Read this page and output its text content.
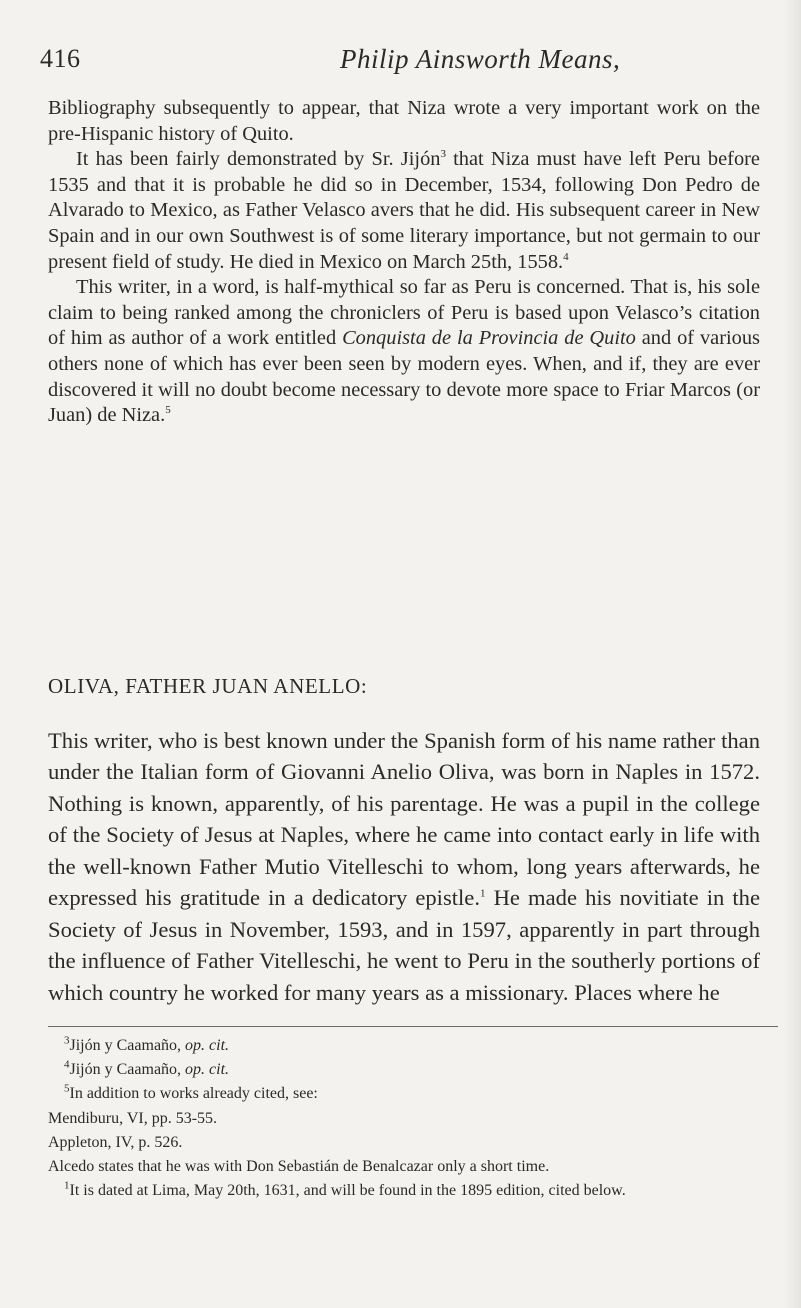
416	Philip Ainsworth Means,

Bibliography subsequently to appear, that Niza wrote a very important work on the pre-Hispanic history of Quito.

It has been fairly demonstrated by Sr. Jijón$^3$ that Niza must have left Peru before 1535 and that it is probable he did so in December, 1534, following Don Pedro de Alvarado to Mexico, as Father Velasco avers that he did. His subsequent career in New Spain and in our own Southwest is of some literary importance, but not germain to our present field of study. He died in Mexico on March 25th, 1558.$^4$

This writer, in a word, is half-mythical so far as Peru is concerned. That is, his sole claim to being ranked among the chroniclers of Peru is based upon Velasco’s citation of him as author of a work entitled Conquista de la Provincia de Quito and of various others none of which has ever been seen by modern eyes. When, and if, they are ever discovered it will no doubt become necessary to devote more space to Friar Marcos (or Juan) de Niza.$^5$

OLIVA, FATHER JUAN ANELLO:

This writer, who is best known under the Spanish form of his name rather than under the Italian form of Giovanni Anelio Oliva, was born in Naples in 1572. Nothing is known, apparently, of his parentage. He was a pupil in the college of the Society of Jesus at Naples, where he came into contact early in life with the well-known Father Mutio Vitelleschi to whom, long years afterwards, he expressed his gratitude in a dedicatory epistle.$^1$ He made his novitiate in the Society of Jesus in November, 1593, and in 1597, apparently in part through the influence of Father Vitelleschi, he went to Peru in the southerly portions of which country he worked for many years as a missionary. Places where he

$^3$Jijón y Caamaño, op. cit.

$^4$Jijón y Caamaño, op. cit.

$^5$In addition to works already cited, see:

Mendiburu, VI, pp. 53-55.

Appleton, IV, p. 526.

Alcedo states that he was with Don Sebastián de Benalcazar only a short time.

$^1$It is dated at Lima, May 20th, 1631, and will be found in the 1895 edition, cited below.
